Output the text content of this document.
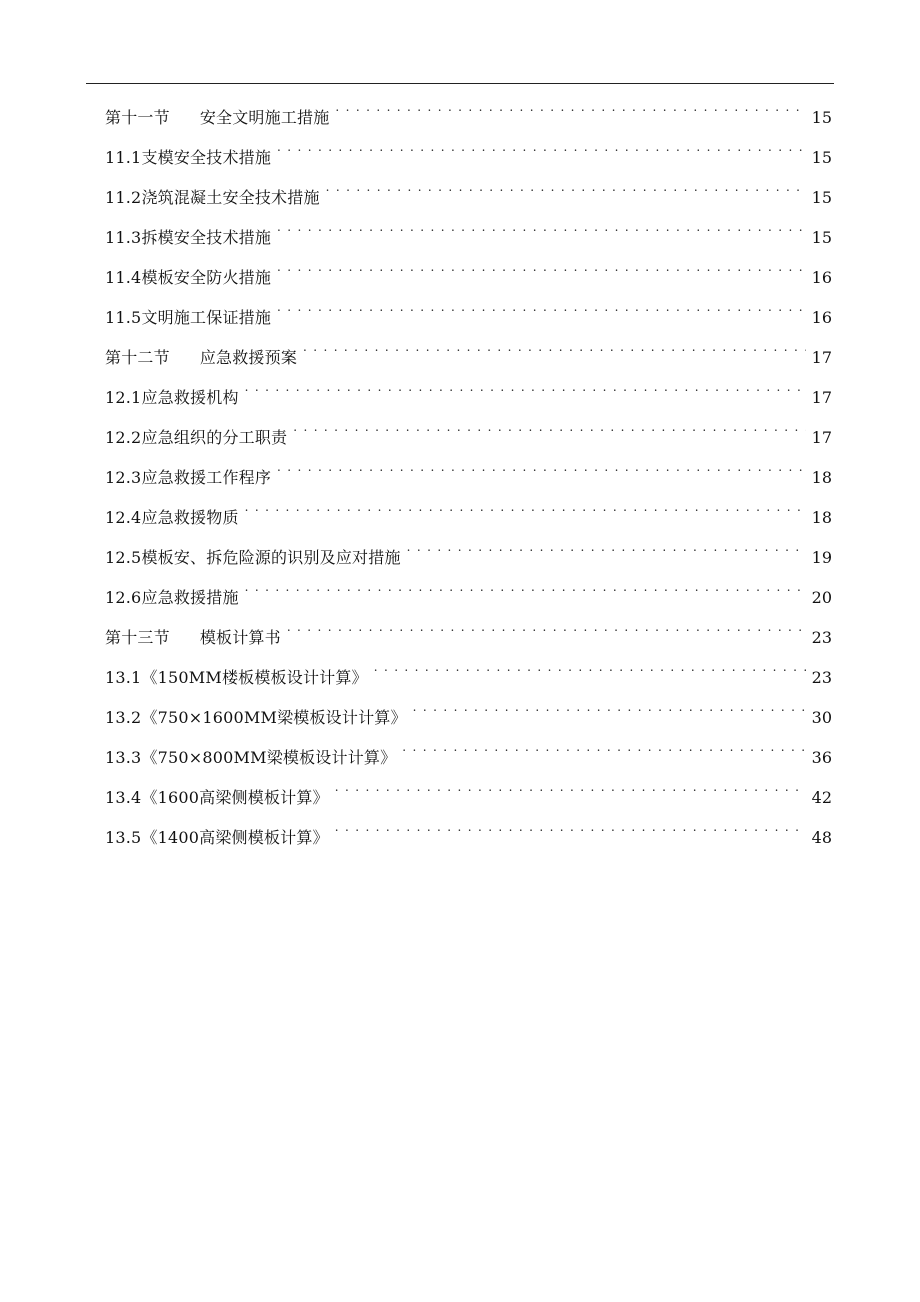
第十一节 安全文明施工措施 . . .	15
11.1支模安全技术措施 . . .	15
11.2浇筑混凝土安全技术措施 . . .	15
11.3拆模安全技术措施 . . .	15
11.4模板安全防火措施 . . .	16
11.5文明施工保证措施 . . .	16
第十二节 应急救援预案 . . .	17
12.1应急救援机构 . . .	17
12.2应急组织的分工职责 . . .	17
12.3应急救援工作程序 . . .	18
12.4应急救援物质 . . .	18
12.5模板安、拆危险源的识别及应对措施 . . .	19
12.6应急救援措施 . . .	20
第十三节 模板计算书 . . .	23
13.1《150MM楼板模板设计计算》 . . .	23
13.2《750×1600MM梁模板设计计算》 . . .	30
13.3《750×800MM梁模板设计计算》 . . .	36
13.4《1600高梁侧模板计算》 . . .	42
13.5《1400高梁侧模板计算》 . . .	48
